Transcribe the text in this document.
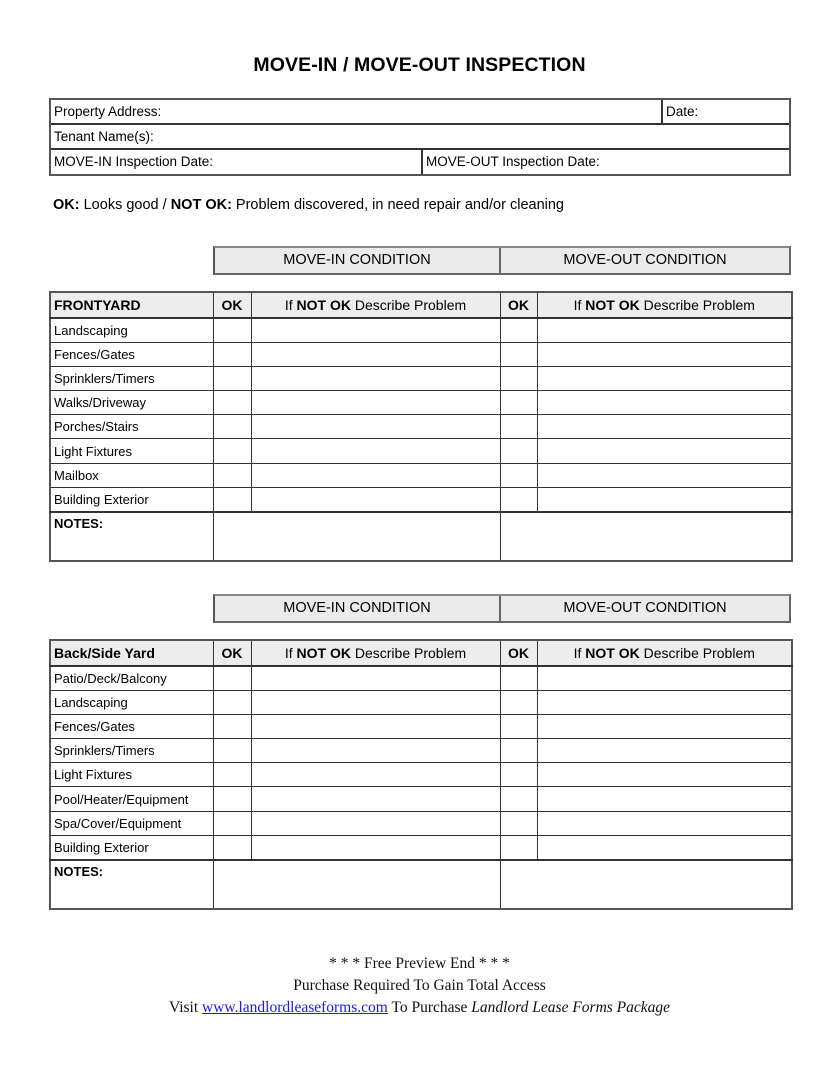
MOVE-IN / MOVE-OUT INSPECTION
Property Address:	Date:
Tenant Name(s):
MOVE-IN Inspection Date:	MOVE-OUT Inspection Date:
OK: Looks good / NOT OK: Problem discovered, in need repair and/or cleaning
MOVE-IN CONDITION	MOVE-OUT CONDITION
FRONTYARD	OK	If NOT OK Describe Problem	OK	If NOT OK Describe Problem
Landscaping				
Fences/Gates				
Sprinklers/Timers				
Walks/Driveway				
Porches/Stairs				
Light Fixtures				
Mailbox				
Building Exterior				
NOTES:				
MOVE-IN CONDITION	MOVE-OUT CONDITION
Back/Side Yard	OK	If NOT OK Describe Problem	OK	If NOT OK Describe Problem
Patio/Deck/Balcony				
Landscaping				
Fences/Gates				
Sprinklers/Timers				
Light Fixtures				
Pool/Heater/Equipment				
Spa/Cover/Equipment				
Building Exterior				
NOTES:				
* * * Free Preview End * * *
Purchase Required To Gain Total Access
Visit www.landlordleaseforms.com To Purchase Landlord Lease Forms Package
